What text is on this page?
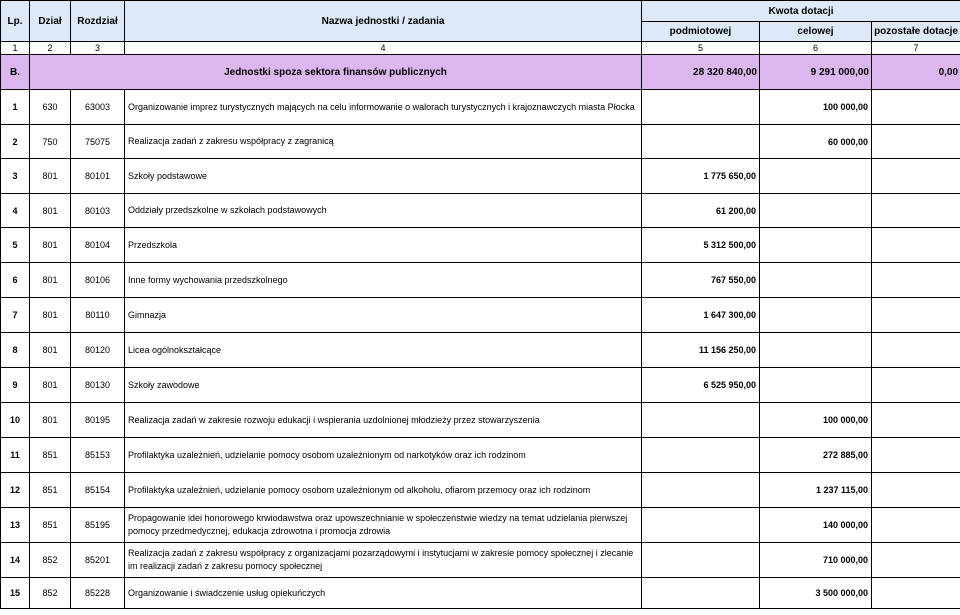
Lp.	Dział	Rozdział	Nazwa jednostki / zadania	Kwota dotacji		
				podmiotowej	celowej	pozostałe dotacje
1	2	3	4	5	6	7
B.	Jednostki spoza sektora finansów publicznych			28 320 840,00	9 291 000,00	0,00
1	630	63003	Organizowanie imprez turystycznych mających na celu informowanie o walorach turystycznych i krajoznawczych miasta Płocka		100 000,00	
2	750	75075	Realizacja zadań z zakresu współpracy z zagranicą		60 000,00	
3	801	80101	Szkoły podstawowe	1 775 650,00		
4	801	80103	Oddziały przedszkolne w szkołach podstawowych	61 200,00		
5	801	80104	Przedszkola	5 312 500,00		
6	801	80106	Inne formy wychowania przedszkolnego	767 550,00		
7	801	80110	Gimnazja	1 647 300,00		
8	801	80120	Licea ogólnokształcące	11 156 250,00		
9	801	80130	Szkoły zawodowe	6 525 950,00		
10	801	80195	Realizacja zadań w zakresie rozwoju edukacji i wspierania uzdolnionej młodzieży przez stowarzyszenia		100 000,00	
11	851	85153	Profilaktyka uzależnień, udzielanie pomocy osobom uzależnionym od narkotyków oraz ich rodzinom		272 885,00	
12	851	85154	Profilaktyka uzależnień, udzielanie pomocy osobom uzależnionym od alkoholu, ofiarom przemocy oraz ich rodzinom		1 237 115,00	
13	851	85195	Propagowanie idei honorowego krwiodawstwa oraz upowszechnianie w społeczeństwie wiedzy na temat udzielania pierwszej pomocy przedmedycznej, edukacja zdrowotna i promocja zdrowia		140 000,00	
14	852	85201	Realizacja zadań z zakresu współpracy z organizacjami pozarządowymi i instytucjami w zakresie pomocy społecznej i zlecanie im realizacji zadań z zakresu pomocy społecznej		710 000,00	
15	852	85228	Organizowanie i świadczenie usług opiekuńczych		3 500 000,00	
